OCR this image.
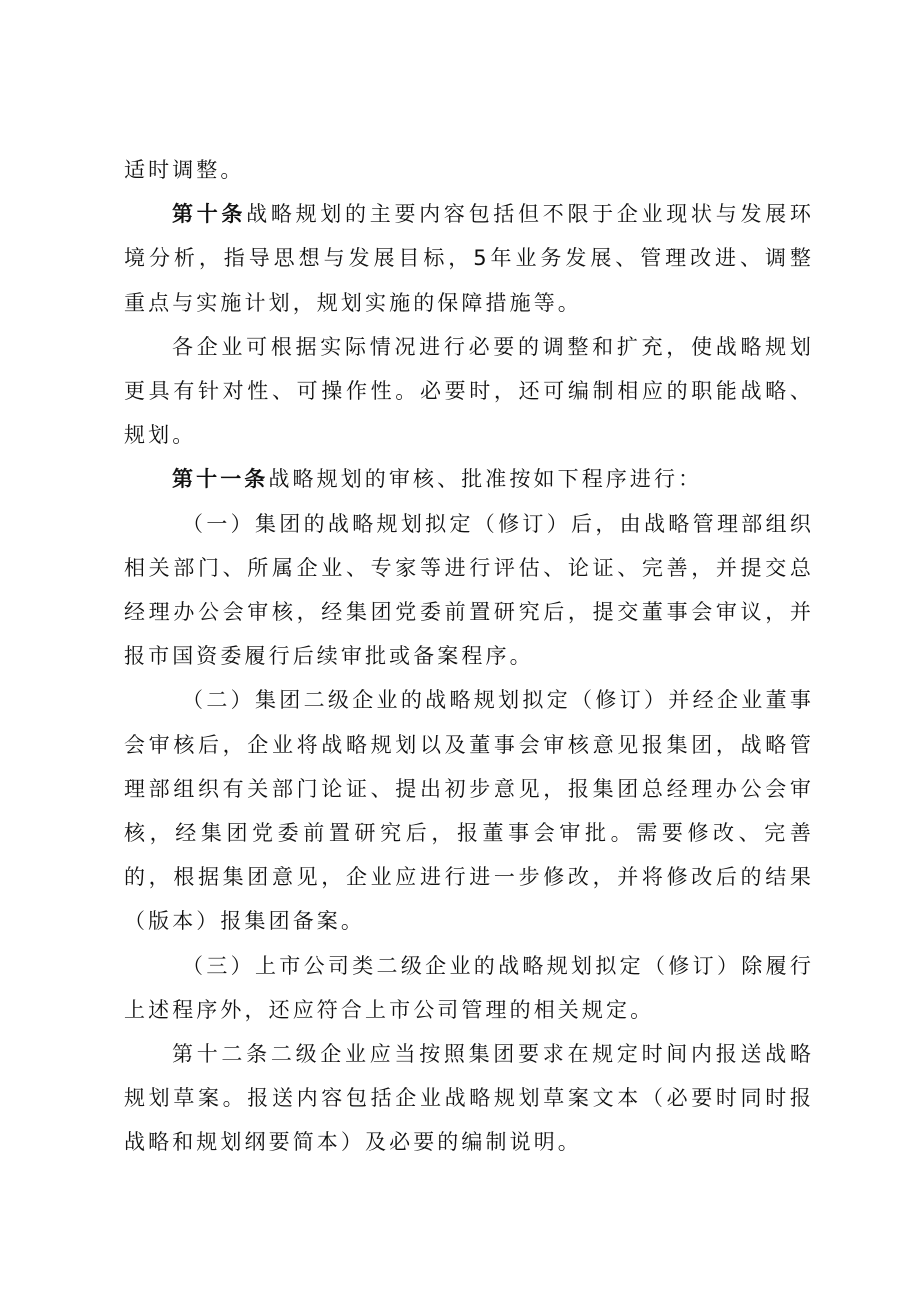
适时调整。

第十条战略规划的主要内容包括但不限于企业现状与发展环境分析，指导思想与发展目标，5年业务发展、管理改进、调整重点与实施计划，规划实施的保障措施等。

各企业可根据实际情况进行必要的调整和扩充，使战略规划更具有针对性、可操作性。必要时，还可编制相应的职能战略、规划。

第十一条战略规划的审核、批准按如下程序进行：

（一）集团的战略规划拟定（修订）后，由战略管理部组织相关部门、所属企业、专家等进行评估、论证、完善，并提交总经理办公会审核，经集团党委前置研究后，提交董事会审议，并报市国资委履行后续审批或备案程序。

（二）集团二级企业的战略规划拟定（修订）并经企业董事会审核后，企业将战略规划以及董事会审核意见报集团，战略管理部组织有关部门论证、提出初步意见，报集团总经理办公会审核，经集团党委前置研究后，报董事会审批。需要修改、完善的，根据集团意见，企业应进行进一步修改，并将修改后的结果（版本）报集团备案。

（三）上市公司类二级企业的战略规划拟定（修订）除履行上述程序外，还应符合上市公司管理的相关规定。

第十二条二级企业应当按照集团要求在规定时间内报送战略规划草案。报送内容包括企业战略规划草案文本（必要时同时报战略和规划纲要简本）及必要的编制说明。
